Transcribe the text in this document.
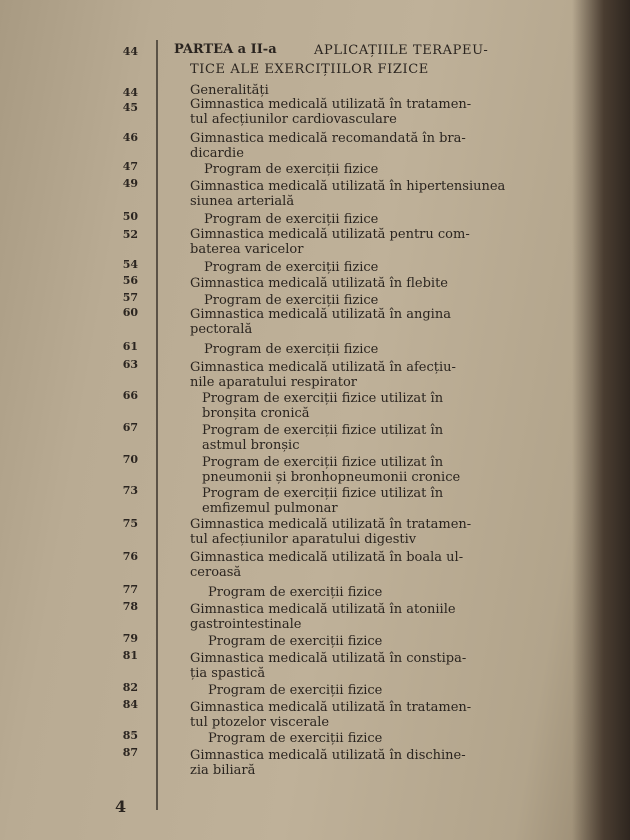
44	PARTEA a II-a	APLICAȚIILE TERAPEU-
TICE ALE EXERCIȚIILOR FIZICE
44	Generalități
45	Gimnastica medicală utilizată în tratamen-
tul afecțiunilor cardiovasculare
46	Gimnastica medicală recomandată în bra-
dicardie
47	Program de exerciții fizice
49	Gimnastica medicală utilizată în hipertensiunea
siunea arterială
50	Program de exerciții fizice
52	Gimnastica medicală utilizată pentru com-
baterea varicelor
54	Program de exerciții fizice
56	Gimnastica medicală utilizată în flebite
57	Program de exerciții fizice
60	Gimnastica medicală utilizată în angina
pectorală
61	Program de exerciții fizice
63	Gimnastica medicală utilizată în afecțiu-
nile aparatului respirator
66	Program de exerciții fizice utilizat în
bronșita cronică
67	Program de exerciții fizice utilizat în
astmul bronșic
70	Program de exerciții fizice utilizat în
pneumonii și bronhopneumonii cronice
73	Program de exerciții fizice utilizat în
emfizemul pulmonar
75	Gimnastica medicală utilizată în tratamen-
tul afecțiunilor aparatului digestiv
76	Gimnastica medicală utilizată în boala ul-
ceroasă
77	Program de exerciții fizice
78	Gimnastica medicală utilizată în atoniile
gastrointestinale
79	Program de exerciții fizice
81	Gimnastica medicală utilizată în constipa-
ția spastică
82	Program de exerciții fizice
84	Gimnastica medicală utilizată în tratamen-
tul ptozelor viscerale
85	Program de exerciții fizice
87	Gimnastica medicală utilizată în dischine-
zia biliară
4
